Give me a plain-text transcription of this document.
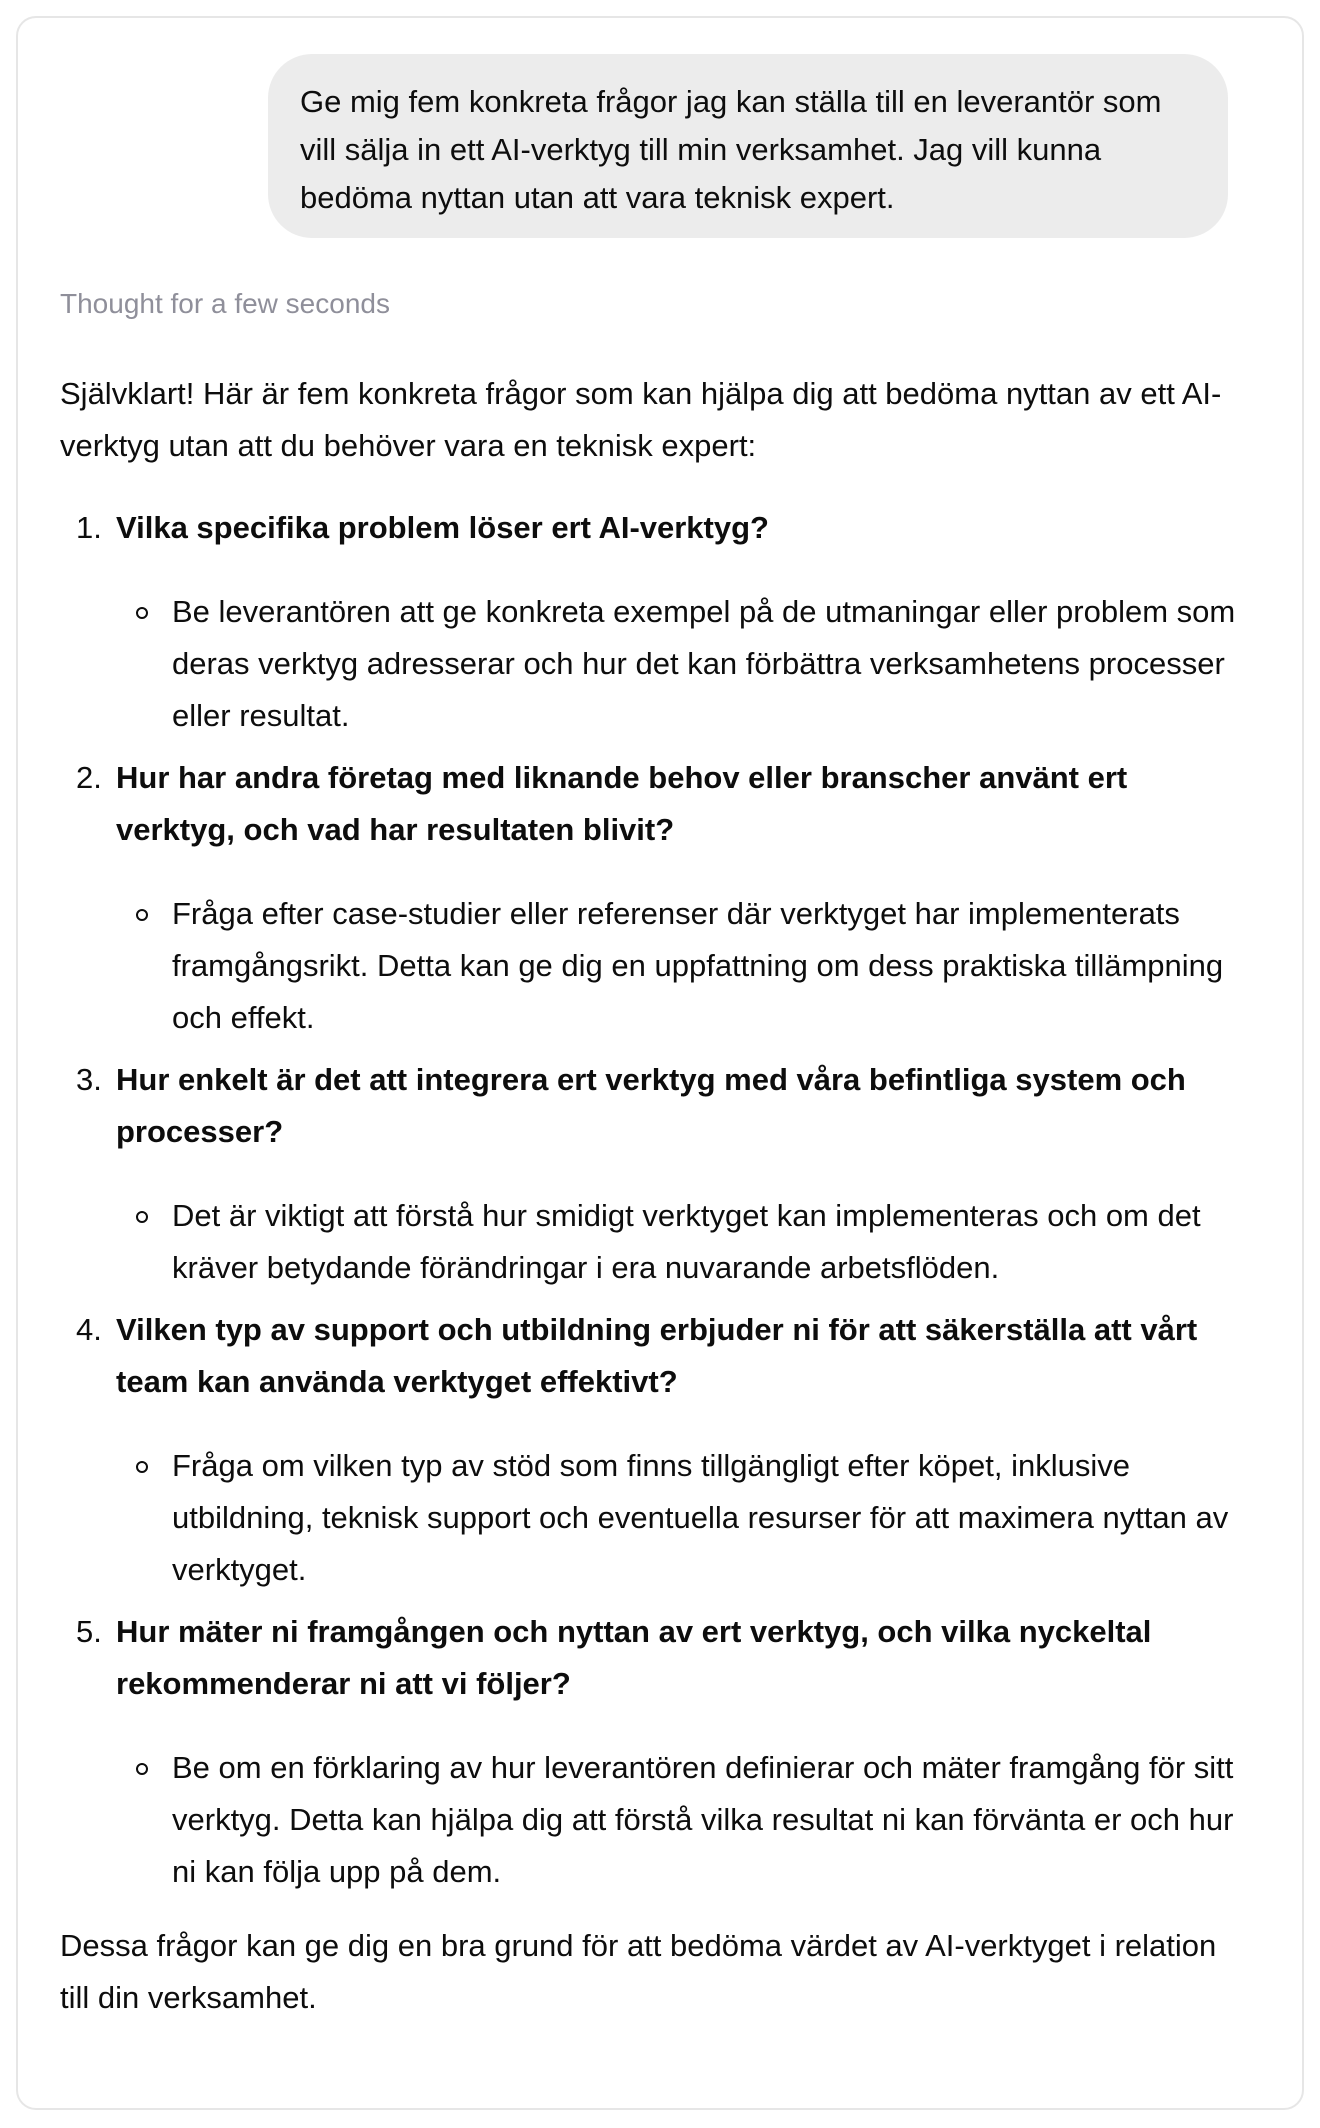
Ge mig fem konkreta frågor jag kan ställa till en leverantör som vill sälja in ett AI-verktyg till min verksamhet. Jag vill kunna bedöma nyttan utan att vara teknisk expert.
Thought for a few seconds

Självklart! Här är fem konkreta frågor som kan hjälpa dig att bedöma nyttan av ett AI-verktyg utan att du behöver vara en teknisk expert:

1. Vilka specifika problem löser ert AI-verktyg?
Be leverantören att ge konkreta exempel på de utmaningar eller problem som deras verktyg adresserar och hur det kan förbättra verksamhetens processer eller resultat.
2. Hur har andra företag med liknande behov eller branscher använt ert verktyg, och vad har resultaten blivit?
Fråga efter case-studier eller referenser där verktyget har implementerats framgångsrikt. Detta kan ge dig en uppfattning om dess praktiska tillämpning och effekt.
3. Hur enkelt är det att integrera ert verktyg med våra befintliga system och processer?
Det är viktigt att förstå hur smidigt verktyget kan implementeras och om det kräver betydande förändringar i era nuvarande arbetsflöden.
4. Vilken typ av support och utbildning erbjuder ni för att säkerställa att vårt team kan använda verktyget effektivt?
Fråga om vilken typ av stöd som finns tillgängligt efter köpet, inklusive utbildning, teknisk support och eventuella resurser för att maximera nyttan av verktyget.
5. Hur mäter ni framgången och nyttan av ert verktyg, och vilka nyckeltal rekommenderar ni att vi följer?
Be om en förklaring av hur leverantören definierar och mäter framgång för sitt verktyg. Detta kan hjälpa dig att förstå vilka resultat ni kan förvänta er och hur ni kan följa upp på dem.

Dessa frågor kan ge dig en bra grund för att bedöma värdet av AI-verktyget i relation till din verksamhet.
